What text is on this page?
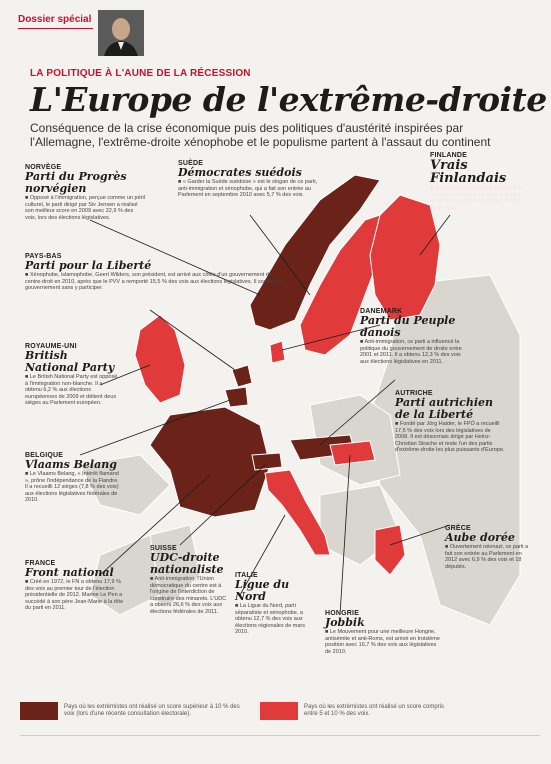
Dossier spécial
LA POLITIQUE À L'AUNE DE LA RÉCESSION
L'Europe de l'extrême-droite
Conséquence de la crise économique puis des politiques d'austérité inspirées par l'Allemagne, l'extrême-droite xénophobe et le populisme partent à l'assaut du continent
NORVÈGE
Parti du Progrès norvégien
■ Opposé à l'immigration, perçue comme un péril culturel, le parti dirigé par Siv Jensen a réalisé son meilleur score en 2009 avec 22,9 % des voix, lors des élections législatives.
SUÈDE
Démocrates suédois
■ « Garder la Suède suédoise » est le slogan de ce parti, anti-immigration et xénophobe, qui a fait son entrée au Parlement en septembre 2010 avec 5,7 % des voix.
FINLANDE
Vrais Finlandais
■ En remportant 39 des 200 sièges du Parlement en 2011, ce parti populaire est arrivé à la troisième place, avec 19 % des voix.
PAYS-BAS
Parti pour la Liberté
■ Xénophobe, islamophobe, Geert Wilders, son président, est arrivé aux côtés d'un gouvernement de centre-droit en 2010, après que le PVV a remporté 15,5 % des voix aux élections législatives. Il soutient le gouvernement sans y participer.
DANEMARK
Parti du Peuple danois
■ Anti-immigration, ce parti a influencé la politique du gouvernement de droite entre 2001 et 2011. Il a obtenu 12,3 % des voix aux élections législatives en 2011.
ROYAUME-UNI
British National Party
■ Le British National Party est opposé à l'immigration non-blanche. Il a obtenu 6,2 % aux élections européennes de 2009 et détient deux sièges au Parlement européen.
AUTRICHE
Parti autrichien de la Liberté
■ Fondé par Jörg Haider, le FPÖ a recueilli 17,5 % des voix lors des législatives de 2008. Il est désormais dirigé par Heinz-Christian Strache et reste l'un des partis d'extrême-droite les plus puissants d'Europe.
BELGIQUE
Vlaams Belang
■ Le Vlaams Belang, « Intérêt flamand », prône l'indépendance de la Flandre. Il a recueilli 12 sièges (7,8 % des voix) aux élections législatives fédérales de 2010.
GRÈCE
Aube dorée
■ Ouvertement néonazi, ce parti a fait son entrée au Parlement en 2012 avec 6,9 % des voix et 18 députés.
FRANCE
Front national
■ Créé en 1972, le FN a obtenu 17,9 % des voix au premier tour de l'élection présidentielle de 2012. Marine Le Pen a succédé à son père Jean-Marie à la tête du parti en 2011.
SUISSE
UDC-droite nationaliste
■ Anti-immigration, l'Union démocratique du centre est à l'origine de l'interdiction de construire des minarets. L'UDC a obtenu 26,6 % des voix aux élections fédérales de 2011.
ITALIE
Ligue du Nord
■ La Ligue du Nord, parti séparatiste et xénophobe, a obtenu 12,7 % des voix aux élections régionales de mars 2010.
HONGRIE
Jobbik
■ Le Mouvement pour une meilleure Hongrie, antisémite et anti-Roms, est arrivé en troisième position avec 16,7 % des voix aux législatives de 2010.
Pays où les extrémistes ont réalisé un score supérieur à 10 % des voix (lors d'une récente consultation électorale).
Pays où les extrémistes ont réalisé un score compris entre 5 et 10 % des voix.
